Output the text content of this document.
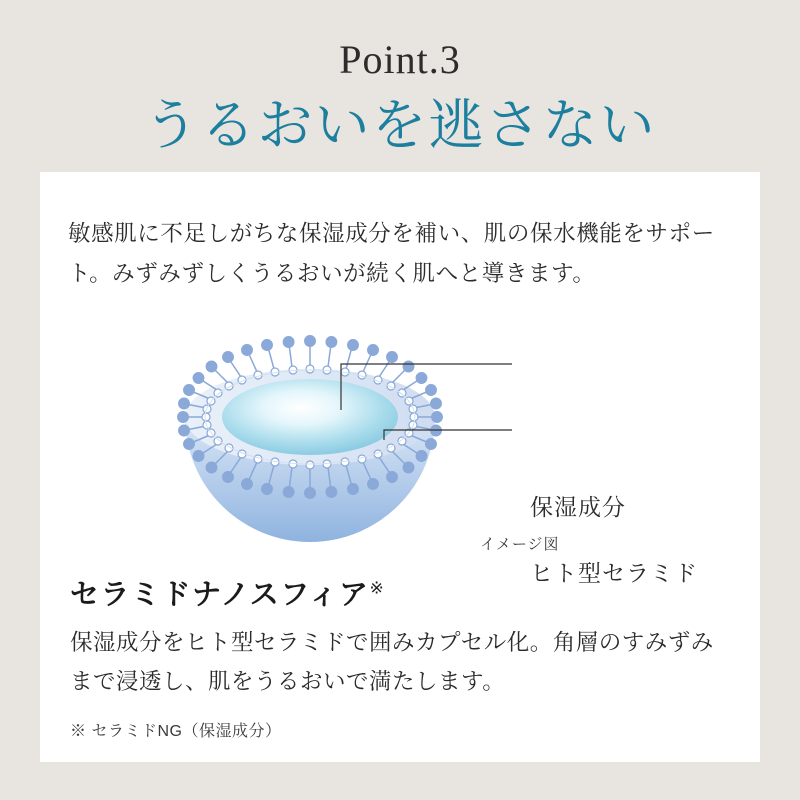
Point.3

うるおいを逃さない

敏感肌に不足しがちな保湿成分を補い、肌の保水機能をサポート。みずみずしくうるおいが続く肌へと導きます。

保湿成分
ヒト型セラミド
イメージ図
セラミドナノスフィア※

保湿成分をヒト型セラミドで囲みカプセル化。角層のすみずみまで浸透し、肌をうるおいで満たします。

※ セラミドNG（保湿成分）
